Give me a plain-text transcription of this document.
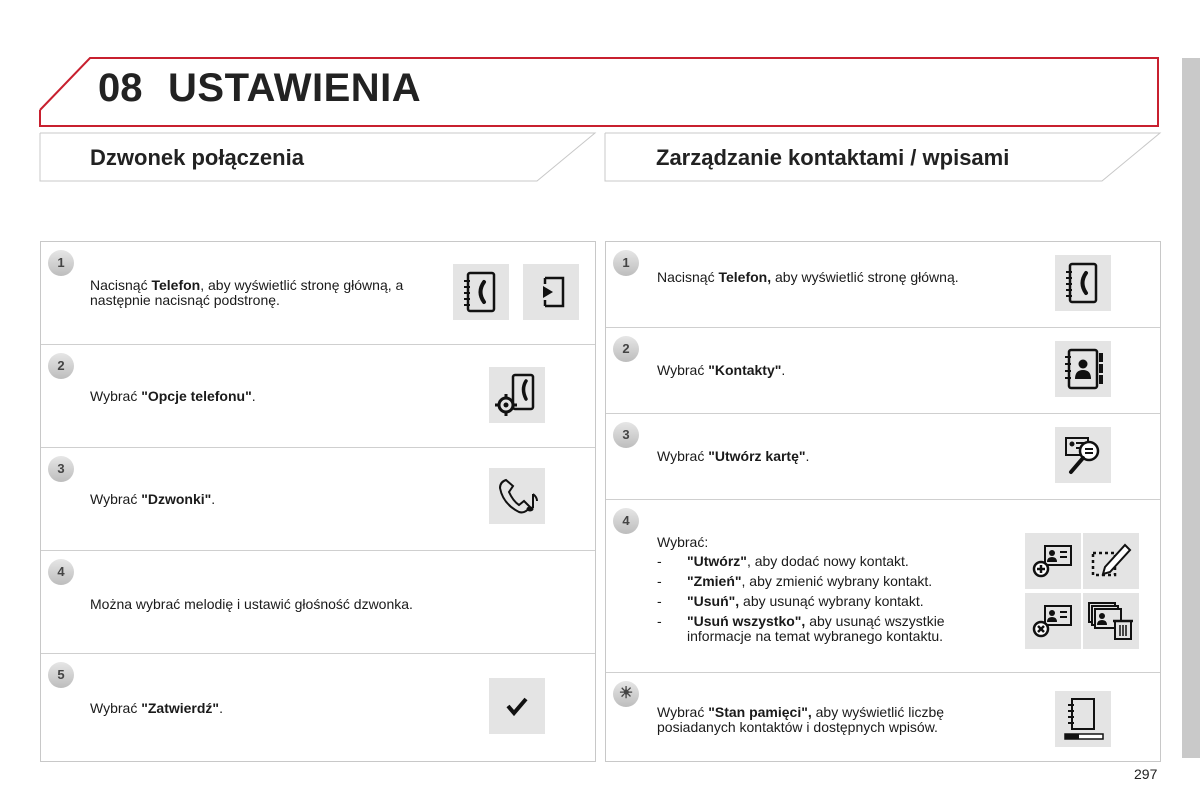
08 USTAWIENIA
Dzwonek połączenia	Zarządzanie kontaktami / wpisami
1
Nacisnąć Telefon, aby wyświetlić stronę główną, a następnie nacisnąć podstronę.
2
Wybrać "Opcje telefonu".
3
Wybrać "Dzwonki".
4
Można wybrać melodię i ustawić głośność dzwonka.
5
Wybrać "Zatwierdź".
1
Nacisnąć Telefon, aby wyświetlić stronę główną.
2
Wybrać "Kontakty".
3
Wybrać "Utwórz kartę".
4
Wybrać:
- "Utwórz", aby dodać nowy kontakt.
- "Zmień", aby zmienić wybrany kontakt.
- "Usuń", aby usunąć wybrany kontakt.
- "Usuń wszystko", aby usunąć wszystkie informacje na temat wybranego kontaktu.
☀
Wybrać "Stan pamięci", aby wyświetlić liczbę posiadanych kontaktów i dostępnych wpisów.
297
